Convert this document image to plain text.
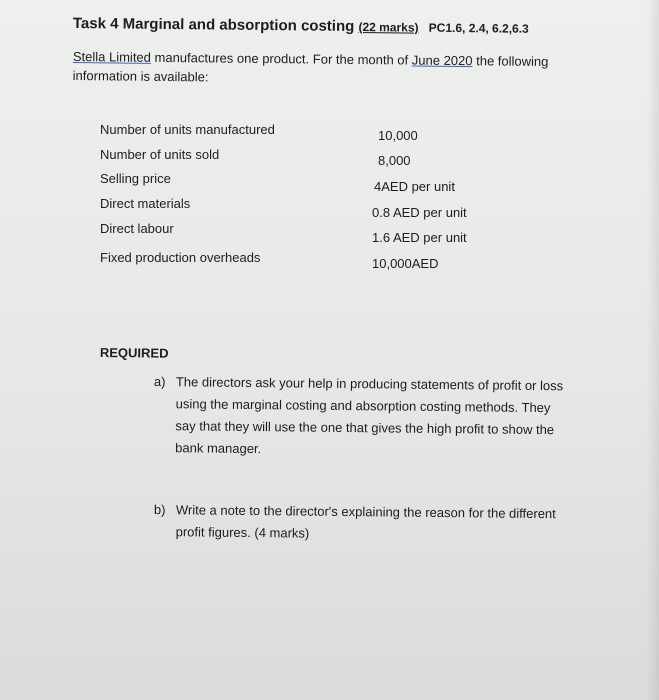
Task 4 Marginal and absorption costing (22 marks) PC1.6, 2.4, 6.2,6.3
Stella Limited manufactures one product. For the month of June 2020 the following information is available:
Number of units manufactured
Number of units sold
Selling price
Direct materials
Direct labour
Fixed production overheads
10,000
8,000
4AED per unit
0.8 AED per unit
1.6 AED per unit
10,000AED
REQUIRED
a) The directors ask your help in producing statements of profit or loss
using the marginal costing and absorption costing methods. They
say that they will use the one that gives the high profit to show the
bank manager.
b) Write a note to the director's explaining the reason for the different
profit figures. (4 marks)
